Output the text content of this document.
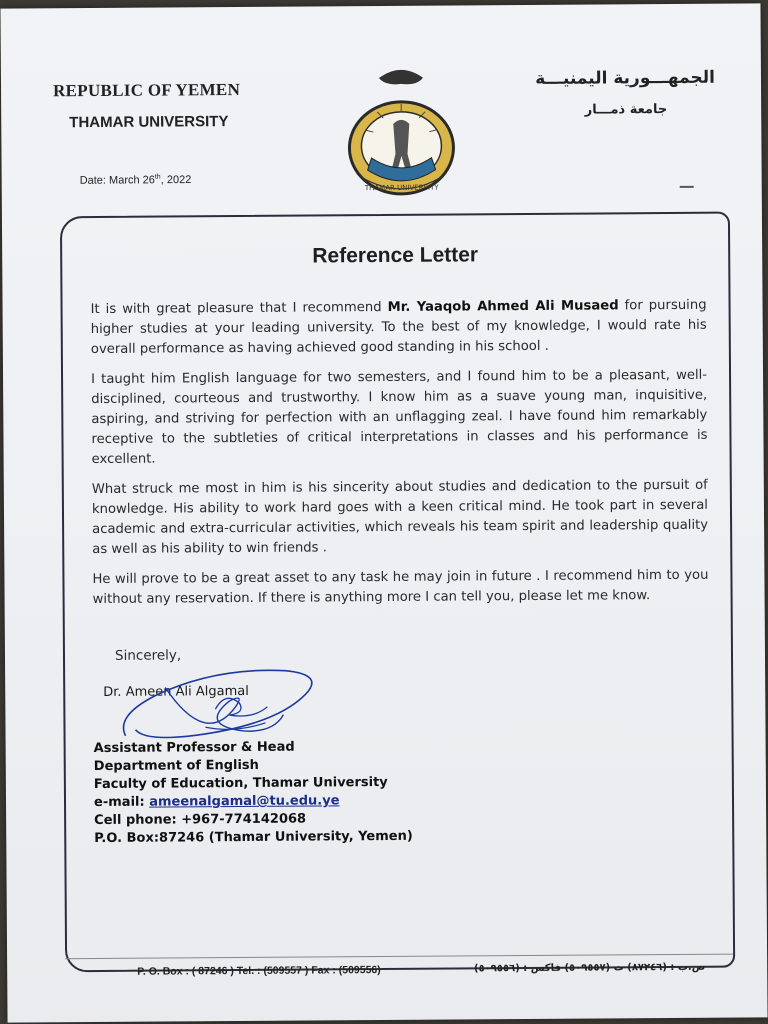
REPUBLIC OF YEMEN
THAMAR UNIVERSITY
Date: March 26th, 2022
الجمهـــورية اليمنيـــة
جامعة ذمـــار
THAMAR UNIVERSITY
Reference Letter
It is with great pleasure that I recommend Mr. Yaaqob Ahmed Ali Musaed for pursuing higher studies at your leading university. To the best of my knowledge, I would rate his overall performance as having achieved good standing in his school .
I taught him English language for two semesters, and I found him to be a pleasant, well-disciplined, courteous and trustworthy. I know him as a suave young man, inquisitive, aspiring, and striving for perfection with an unflagging zeal. I have found him remarkably receptive to the subtleties of critical interpretations in classes and his performance is excellent.
What struck me most in him is his sincerity about studies and dedication to the pursuit of knowledge. His ability to work hard goes with a keen critical mind. He took part in several academic and extra-curricular activities, which reveals his team spirit and leadership quality as well as his ability to win friends .
He will prove to be a great asset to any task he may join in future . I recommend him to you without any reservation. If there is anything more I can tell you, please let me know.
Sincerely,
Dr. Ameen Ali Algamal
Assistant Professor & Head
Department of English
Faculty of Education, Thamar University
e-mail: ameenalgamal@tu.edu.ye
Cell phone: +967-774142068
P.O. Box:87246 (Thamar University, Yemen)
P. O. Box : ( 87246 ) Tel. : (509557 ) Fax : (509556)	ص.ب : (٨٧٢٤٦) ت (٥٠٩٥٥٧) فاكس : (٥٠٩٥٥٦)
